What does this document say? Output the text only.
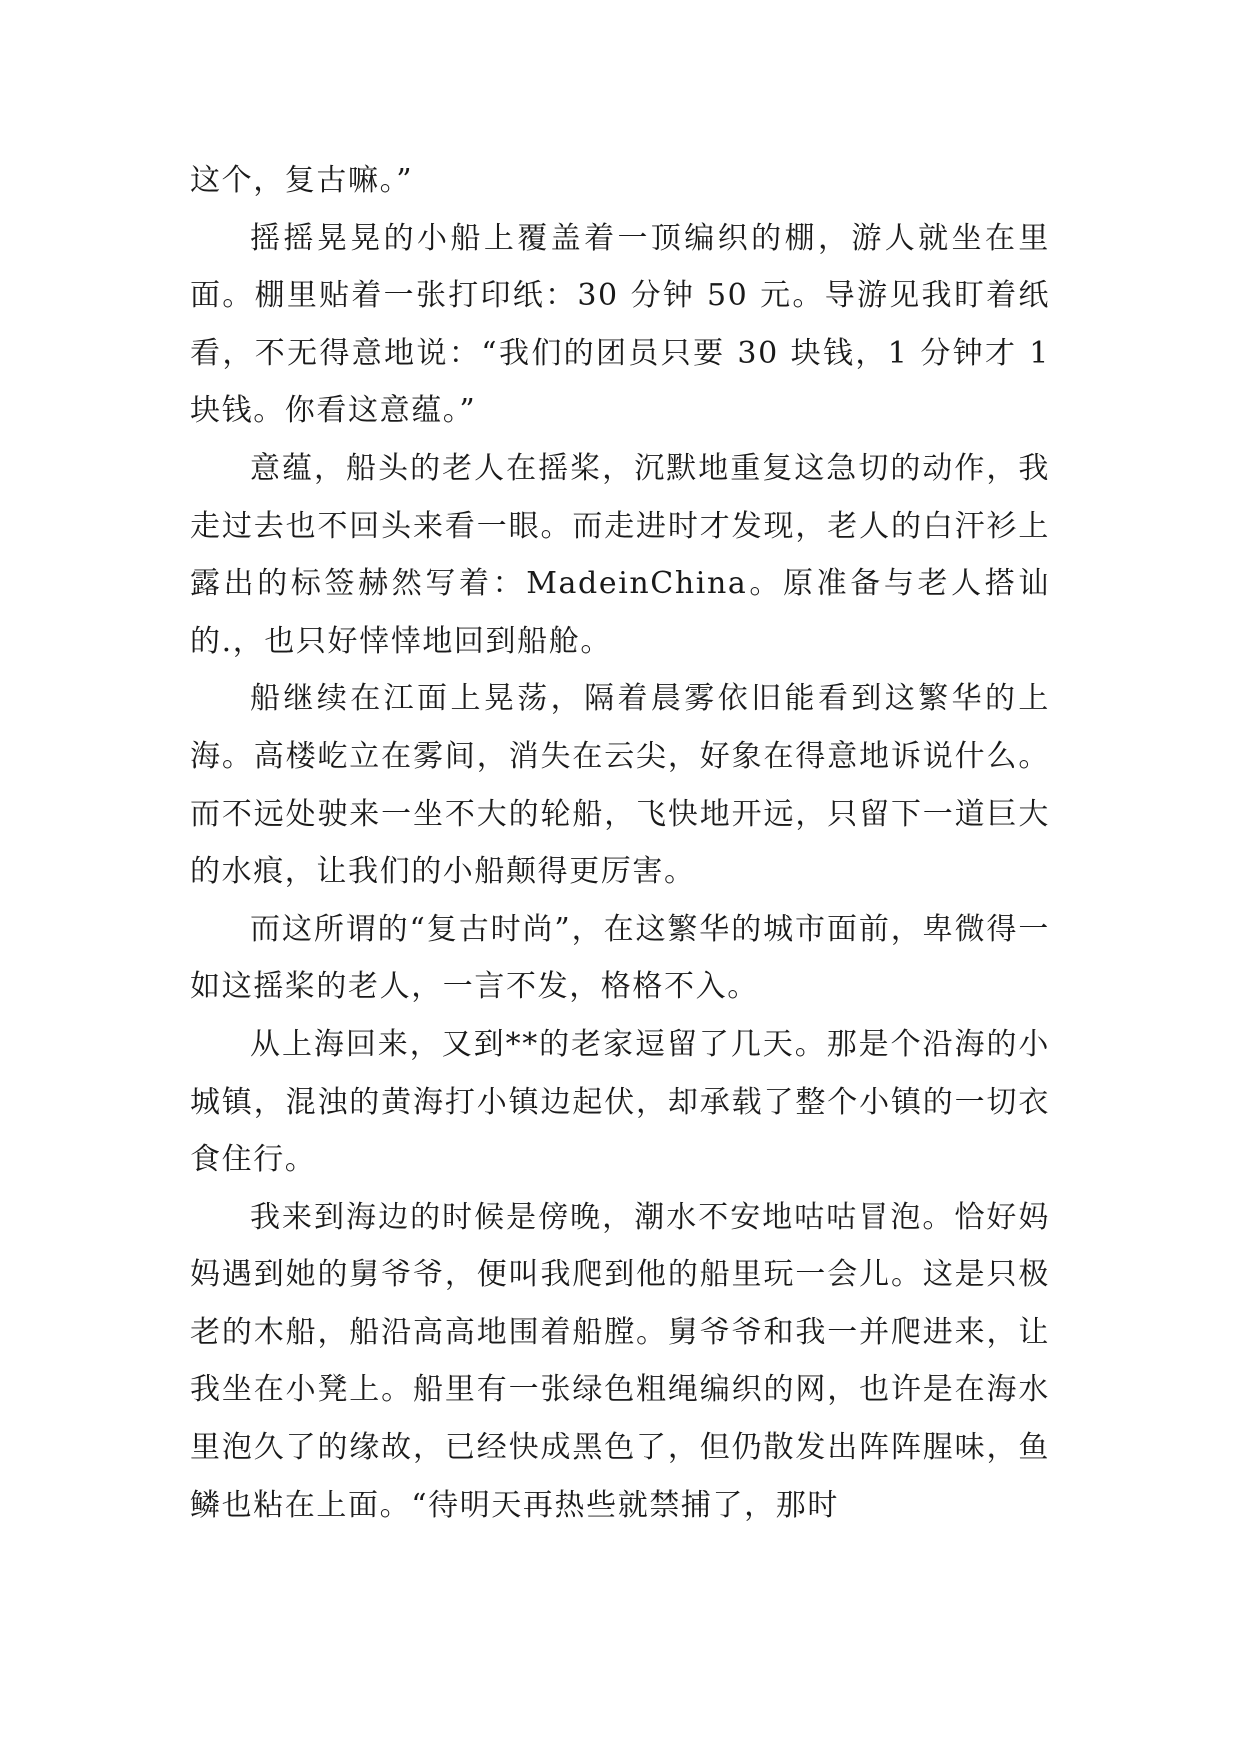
这个，复古嘛。”

摇摇晃晃的小船上覆盖着一顶编织的棚，游人就坐在里面。棚里贴着一张打印纸：30 分钟 50 元。导游见我盯着纸看，不无得意地说：“我们的团员只要 30 块钱，1 分钟才 1 块钱。你看这意蕴。”

意蕴，船头的老人在摇桨，沉默地重复这急切的动作，我走过去也不回头来看一眼。而走进时才发现，老人的白汗衫上露出的标签赫然写着：MadeinChina。原准备与老人搭讪的.，也只好悻悻地回到船舱。

船继续在江面上晃荡，隔着晨雾依旧能看到这繁华的上海。高楼屹立在雾间，消失在云尖，好象在得意地诉说什么。而不远处驶来一坐不大的轮船，飞快地开远，只留下一道巨大的水痕，让我们的小船颠得更厉害。

而这所谓的“复古时尚”，在这繁华的城市面前，卑微得一如这摇桨的老人，一言不发，格格不入。

从上海回来，又到**的老家逗留了几天。那是个沿海的小城镇，混浊的黄海打小镇边起伏，却承载了整个小镇的一切衣食住行。

我来到海边的时候是傍晚，潮水不安地咕咕冒泡。恰好妈妈遇到她的舅爷爷，便叫我爬到他的船里玩一会儿。这是只极老的木船，船沿高高地围着船膛。舅爷爷和我一并爬进来，让我坐在小凳上。船里有一张绿色粗绳编织的网，也许是在海水里泡久了的缘故，已经快成黑色了，但仍散发出阵阵腥味，鱼鳞也粘在上面。“待明天再热些就禁捕了，那时
